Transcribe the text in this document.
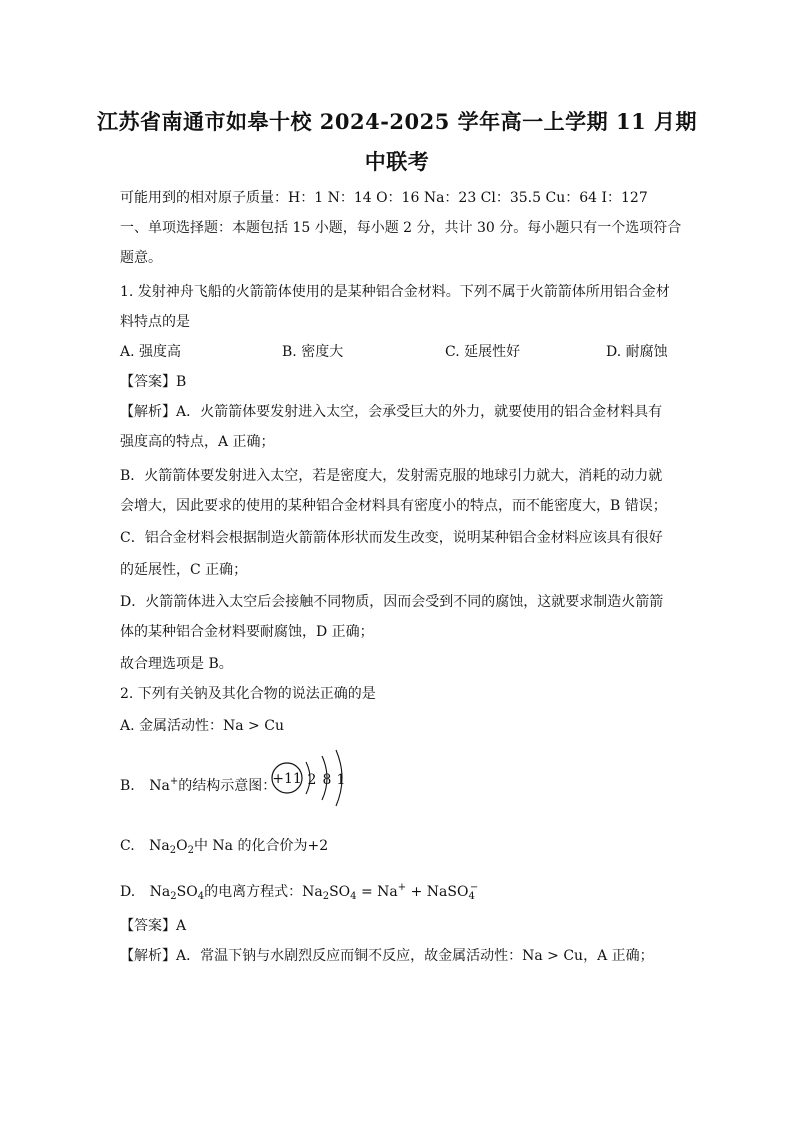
江苏省南通市如皋十校 2024-2025 学年高一上学期 11 月期
中联考
可能用到的相对原子质量：H：1 N：14 O：16 Na：23 Cl：35.5 Cu：64 I：127
一、单项选择题：本题包括 15 小题，每小题 2 分，共计 30 分。每小题只有一个选项符合
题意。
1. 发射神舟飞船的火箭箭体使用的是某种铝合金材料。下列不属于火箭箭体所用铝合金材
料特点的是
A. 强度高	B. 密度大	C. 延展性好	D. 耐腐蚀
【答案】B
【解析】A．火箭箭体要发射进入太空，会承受巨大的外力，就要使用的铝合金材料具有
强度高的特点，A 正确；
B．火箭箭体要发射进入太空，若是密度大，发射需克服的地球引力就大，消耗的动力就
会增大，因此要求的使用的某种铝合金材料具有密度小的特点，而不能密度大，B 错误；
C．铝合金材料会根据制造火箭箭体形状而发生改变，说明某种铝合金材料应该具有很好
的延展性，C 正确；
D．火箭箭体进入太空后会接触不同物质，因而会受到不同的腐蚀，这就要求制造火箭箭
体的某种铝合金材料要耐腐蚀，D 正确；
故合理选项是 B。
2. 下列有关钠及其化合物的说法正确的是
A. 金属活动性：Na > Cu
B. Na+的结构示意图：
+11 2 8 1
C. $Na_2O_2$中 Na 的化合价为+2
D. $Na_2SO_4$的电离方程式：$Na_2SO_4 = Na^+$ + NaSO$_4$−
【答案】A
【解析】A．常温下钠与水剧烈反应而铜不反应，故金属活动性：Na > Cu，A 正确；
